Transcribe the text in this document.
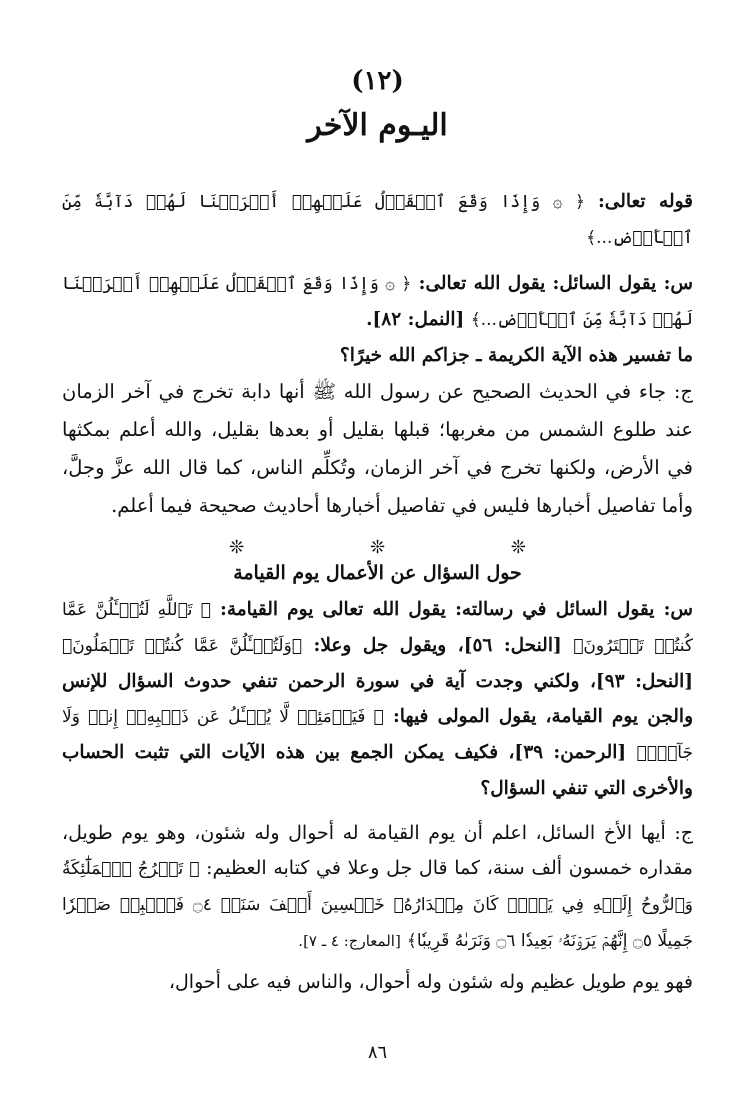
(١٢)
اليـوم الآخر

قوله تعالى: ﴿ ۞ وَإِذَا وَقَعَ ٱلۡقَوۡلُ عَلَيۡهِمۡ أَخۡرَجۡنَا لَهُمۡ دَآبَّةٗ مِّنَ ٱلۡأَرۡضِ...﴾

س: يقول السائل: يقول الله تعالى: ﴿ ۞ وَإِذَا وَقَعَ ٱلۡقَوۡلُ عَلَيۡهِمۡ أَخۡرَجۡنَا لَهُمۡ دَآبَّةٗ مِّنَ ٱلۡأَرۡضِ...﴾ [النمل: ٨٢].

ما تفسير هذه الآية الكريمة ـ جزاكم الله خيرًا؟

ج: جاء في الحديث الصحيح عن رسول الله ﷺ أنها دابة تخرج في آخر الزمان عند طلوع الشمس من مغربها؛ قبلها بقليل أو بعدها بقليل، والله أعلم بمكثها في الأرض، ولكنها تخرج في آخر الزمان، وتُكلِّم الناس، كما قال الله عزَّ وجلَّ، وأما تفاصيل أخبارها فليس في تفاصيل أخبارها أحاديث صحيحة فيما أعلم.

❊ ❊ ❊
حول السؤال عن الأعمال يوم القيامة

س: يقول السائل في رسالته: يقول الله تعالى يوم القيامة: ﴿ تَٱللَّهِ لَتُسۡـَٔلُنَّ عَمَّا كُنتُمۡ تَفۡتَرُونَ﴾ [النحل: ٥٦]، ويقول جل وعلا: ﴿وَلَتُسۡـَٔلُنَّ عَمَّا كُنتُمۡ تَعۡمَلُونَ﴾ [النحل: ٩٣]، ولكني وجدت آية في سورة الرحمن تنفي حدوث السؤال للإنس والجن يوم القيامة، يقول المولى فيها: ﴿ فَيَوۡمَئِذٖ لَّا يُسۡـَٔلُ عَن ذَنۢبِهِۦٓ إِنسٞ وَلَا جَآنّٞ﴾ [الرحمن: ٣٩]، فكيف يمكن الجمع بين هذه الآيات التي تثبت الحساب والأخرى التي تنفي السؤال؟

ج: أيها الأخ السائل، اعلم أن يوم القيامة له أحوال وله شئون، وهو يوم طويل، مقداره خمسون ألف سنة، كما قال جل وعلا في كتابه العظيم: ﴿ تَعۡرُجُ ٱلۡمَلَٰٓئِكَةُ وَٱلرُّوحُ إِلَيۡهِ فِي يَوۡمٖ كَانَ مِقۡدَارُهُۥ خَمۡسِينَ أَلۡفَ سَنَةٖ ۝٤ فَٱصۡبِرۡ صَبۡرٗا جَمِيلًا ۝٥ إِنَّهُمۡ يَرَوۡنَهُۥ بَعِيدٗا ۝٦ وَنَرَىٰهُ قَرِيبٗا﴾ [المعارج: ٤ ـ ٧].

فهو يوم طويل عظيم وله شئون وله أحوال، والناس فيه على أحوال،

٨٦
